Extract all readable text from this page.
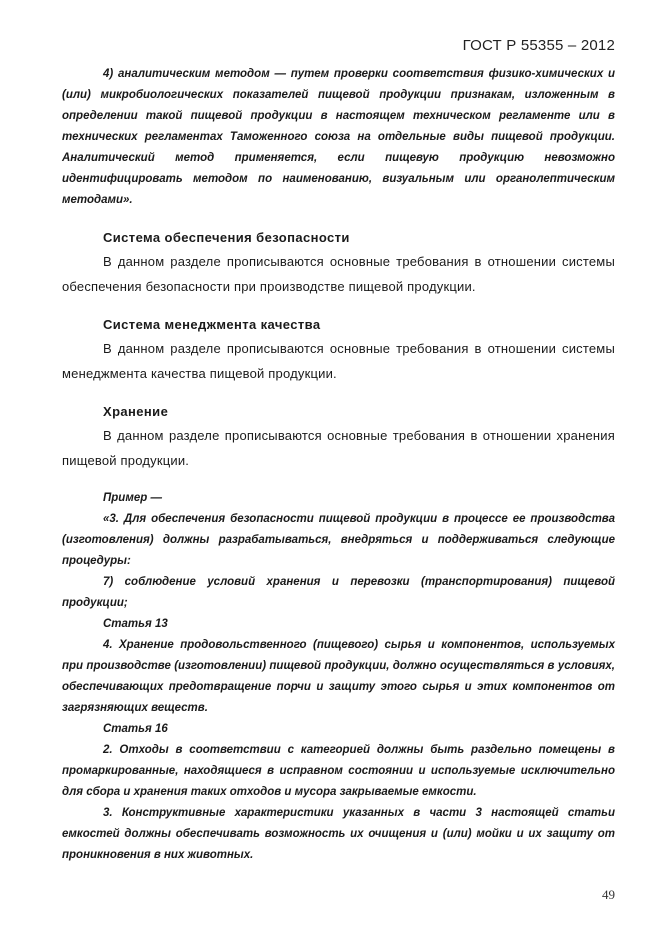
ГОСТ Р 55355 – 2012

4) аналитическим методом — путем проверки соответствия физико-химических и (или) микробиологических показателей пищевой продукции признакам, изложенным в определении такой пищевой продукции в настоящем техническом регламенте или в технических регламентах Таможенного союза на отдельные виды пищевой продукции. Аналитический метод применяется, если пищевую продукцию невозможно идентифицировать методом по наименованию, визуальным или органолептическим методами».

Система обеспечения безопасности

В данном разделе прописываются основные требования в отношении системы обеспечения безопасности при производстве пищевой продукции.

Система менеджмента качества

В данном разделе прописываются основные требования в отношении системы менеджмента качества пищевой продукции.

Хранение

В данном разделе прописываются основные требования в отношении хранения пищевой продукции.

Пример —

«3. Для обеспечения безопасности пищевой продукции в процессе ее производства (изготовления) должны разрабатываться, внедряться и поддерживаться следующие процедуры:

7) соблюдение условий хранения и перевозки (транспортирования) пищевой продукции;

Статья 13

4. Хранение продовольственного (пищевого) сырья и компонентов, используемых при производстве (изготовлении) пищевой продукции, должно осуществляться в условиях, обеспечивающих предотвращение порчи и защиту этого сырья и этих компонентов от загрязняющих веществ.

Статья 16

2. Отходы в соответствии с категорией должны быть раздельно помещены в промаркированные, находящиеся в исправном состоянии и используемые исключительно для сбора и хранения таких отходов и мусора закрываемые емкости.

3. Конструктивные характеристики указанных в части 3 настоящей статьи емкостей должны обеспечивать возможность их очищения и (или) мойки и их защиту от проникновения в них животных.

49
